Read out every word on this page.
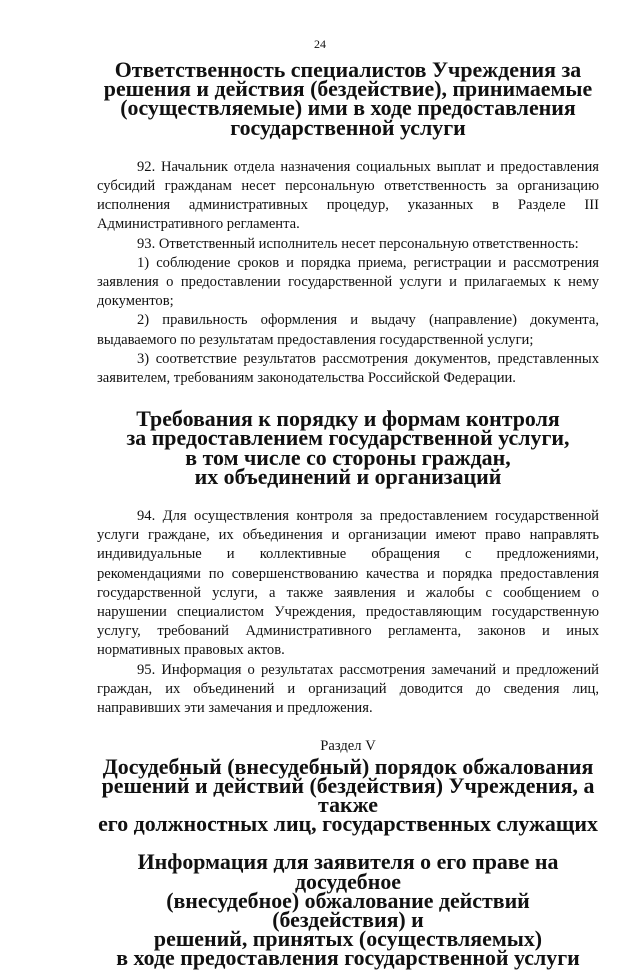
24
Ответственность специалистов Учреждения за
решения и действия (бездействие), принимаемые
(осуществляемые) ими в ходе предоставления
государственной услуги

92. Начальник отдела назначения социальных выплат и предоставления субсидий гражданам несет персональную ответственность за организацию исполнения административных процедур, указанных в Разделе III Административного регламента.

93. Ответственный исполнитель несет персональную ответственность:

1) соблюдение сроков и порядка приема, регистрации и рассмотрения заявления о предоставлении государственной услуги и прилагаемых к нему документов;

2) правильность оформления и выдачу (направление) документа, выдаваемого по результатам предоставления государственной услуги;

3) соответствие результатов рассмотрения документов, представленных заявителем, требованиям законодательства Российской Федерации.

Требования к порядку и формам контроля
за предоставлением государственной услуги,
в том числе со стороны граждан,
их объединений и организаций

94. Для осуществления контроля за предоставлением государственной услуги граждане, их объединения и организации имеют право направлять индивидуальные и коллективные обращения с предложениями, рекомендациями по совершенствованию качества и порядка предоставления государственной услуги, а также заявления и жалобы с сообщением о нарушении специалистом Учреждения, предоставляющим государственную услугу, требований Административного регламента, законов и иных нормативных правовых актов.

95. Информация о результатах рассмотрения замечаний и предложений граждан, их объединений и организаций доводится до сведения лиц, направивших эти замечания и предложения.

Раздел V

Досудебный (внесудебный) порядок обжалования
решений и действий (бездействия) Учреждения, а также
его должностных лиц, государственных служащих
Информация для заявителя о его праве на досудебное
(внесудебное) обжалование действий (бездействия) и
решений, принятых (осуществляемых)
в ходе предоставления государственной услуги
